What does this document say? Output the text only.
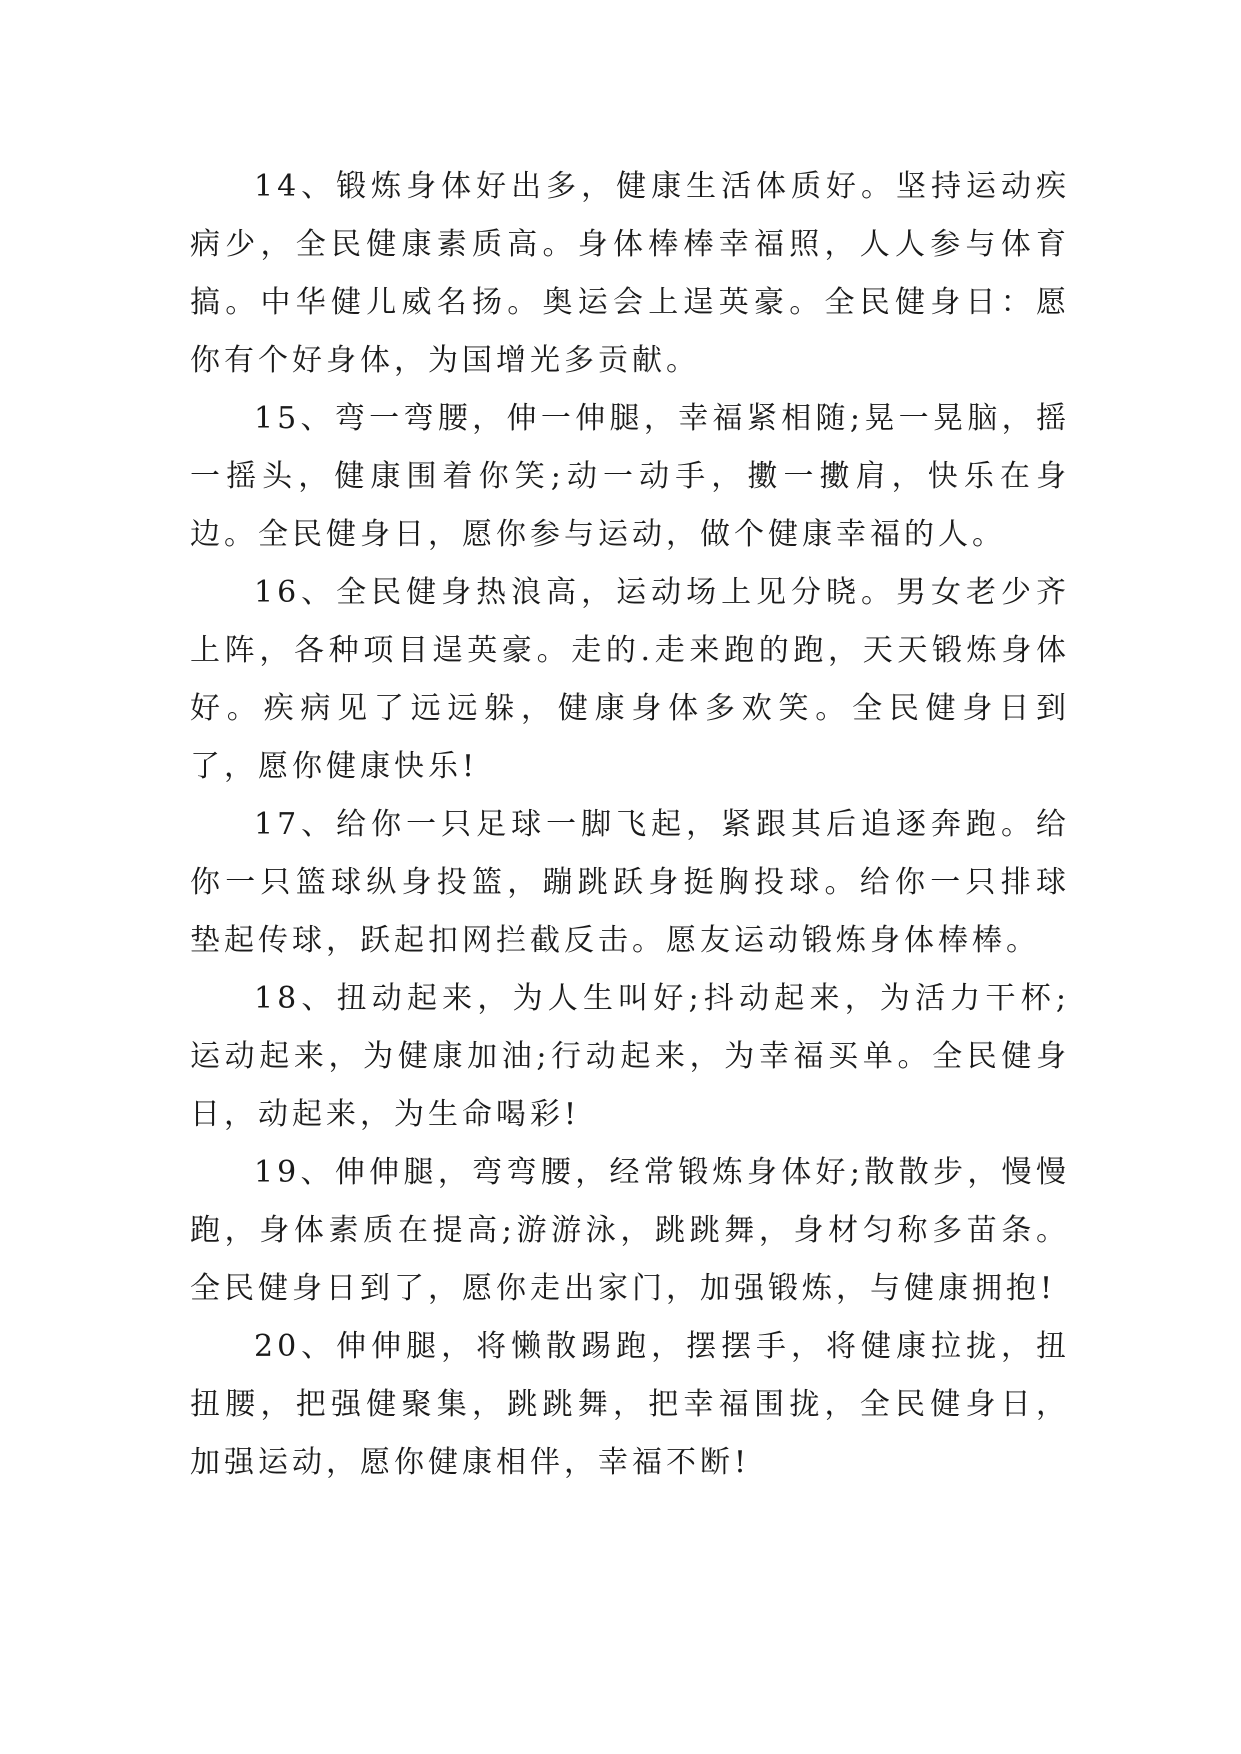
14、锻炼身体好出多，健康生活体质好。坚持运动疾病少，全民健康素质高。身体棒棒幸福照，人人参与体育搞。中华健儿威名扬。奥运会上逞英豪。全民健身日：愿你有个好身体，为国增光多贡献。

15、弯一弯腰，伸一伸腿，幸福紧相随;晃一晃脑，摇一摇头，健康围着你笑;动一动手，擻一擻肩，快乐在身边。全民健身日，愿你参与运动，做个健康幸福的人。

16、全民健身热浪高，运动场上见分晓。男女老少齐上阵，各种项目逞英豪。走的.走来跑的跑，天天锻炼身体好。疾病见了远远躲，健康身体多欢笑。全民健身日到了，愿你健康快乐!

17、给你一只足球一脚飞起，紧跟其后追逐奔跑。给你一只篮球纵身投篮，蹦跳跃身挺胸投球。给你一只排球垫起传球，跃起扣网拦截反击。愿友运动锻炼身体棒棒。

18、扭动起来，为人生叫好;抖动起来，为活力干杯;运动起来，为健康加油;行动起来，为幸福买单。全民健身日，动起来，为生命喝彩!

19、伸伸腿，弯弯腰，经常锻炼身体好;散散步，慢慢跑，身体素质在提高;游游泳，跳跳舞，身材匀称多苗条。全民健身日到了，愿你走出家门，加强锻炼，与健康拥抱!

20、伸伸腿，将懒散踢跑，摆摆手，将健康拉拢，扭扭腰，把强健聚集，跳跳舞，把幸福围拢，全民健身日，加强运动，愿你健康相伴，幸福不断!
